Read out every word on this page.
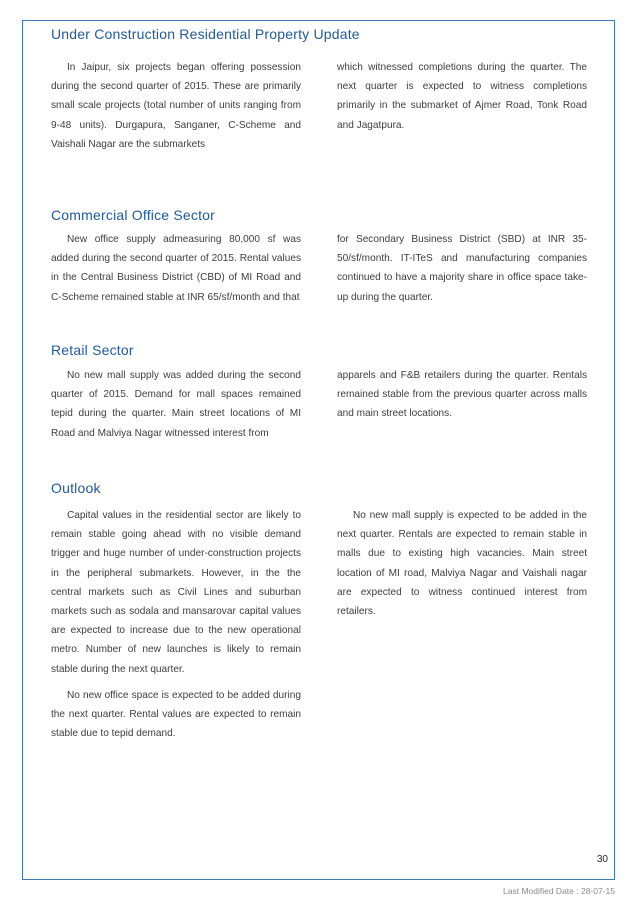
Under Construction Residential Property Update

In Jaipur, six projects began offering possession during the second quarter of 2015. These are primarily small scale projects (total number of units ranging from 9-48 units). Durgapura, Sanganer, C-Scheme and Vaishali Nagar are the submarkets

which witnessed completions during the quarter. The next quarter is expected to witness completions primarily in the submarket of Ajmer Road, Tonk Road and Jagatpura.

Commercial Office Sector

New office supply admeasuring 80,000 sf was added during the second quarter of 2015. Rental values in the Central Business District (CBD) of MI Road and C-Scheme remained stable at INR 65/sf/month and that

for Secondary Business District (SBD) at INR 35-50/sf/month. IT-ITeS and manufacturing companies continued to have a majority share in office space take-up during the quarter.

Retail Sector

No new mall supply was added during the second quarter of 2015. Demand for mall spaces remained tepid during the quarter. Main street locations of MI Road and Malviya Nagar witnessed interest from

apparels and F&B retailers during the quarter. Rentals remained stable from the previous quarter across malls and main street locations.

Outlook

Capital values in the residential sector are likely to remain stable going ahead with no visible demand trigger and huge number of under-construction projects in the peripheral submarkets. However, in the the central markets such as Civil Lines and suburban markets such as sodala and mansarovar capital values are expected to increase due to the new operational metro. Number of new launches is likely to remain stable during the next quarter.

No new office space is expected to be added during the next quarter. Rental values are expected to remain stable due to tepid demand.

No new mall supply is expected to be added in the next quarter. Rentals are expected to remain stable in malls due to existing high vacancies. Main street location of MI road, Malviya Nagar and Vaishali nagar are expected to witness continued interest from retailers.

30
Last Modified Date : 28-07-15
